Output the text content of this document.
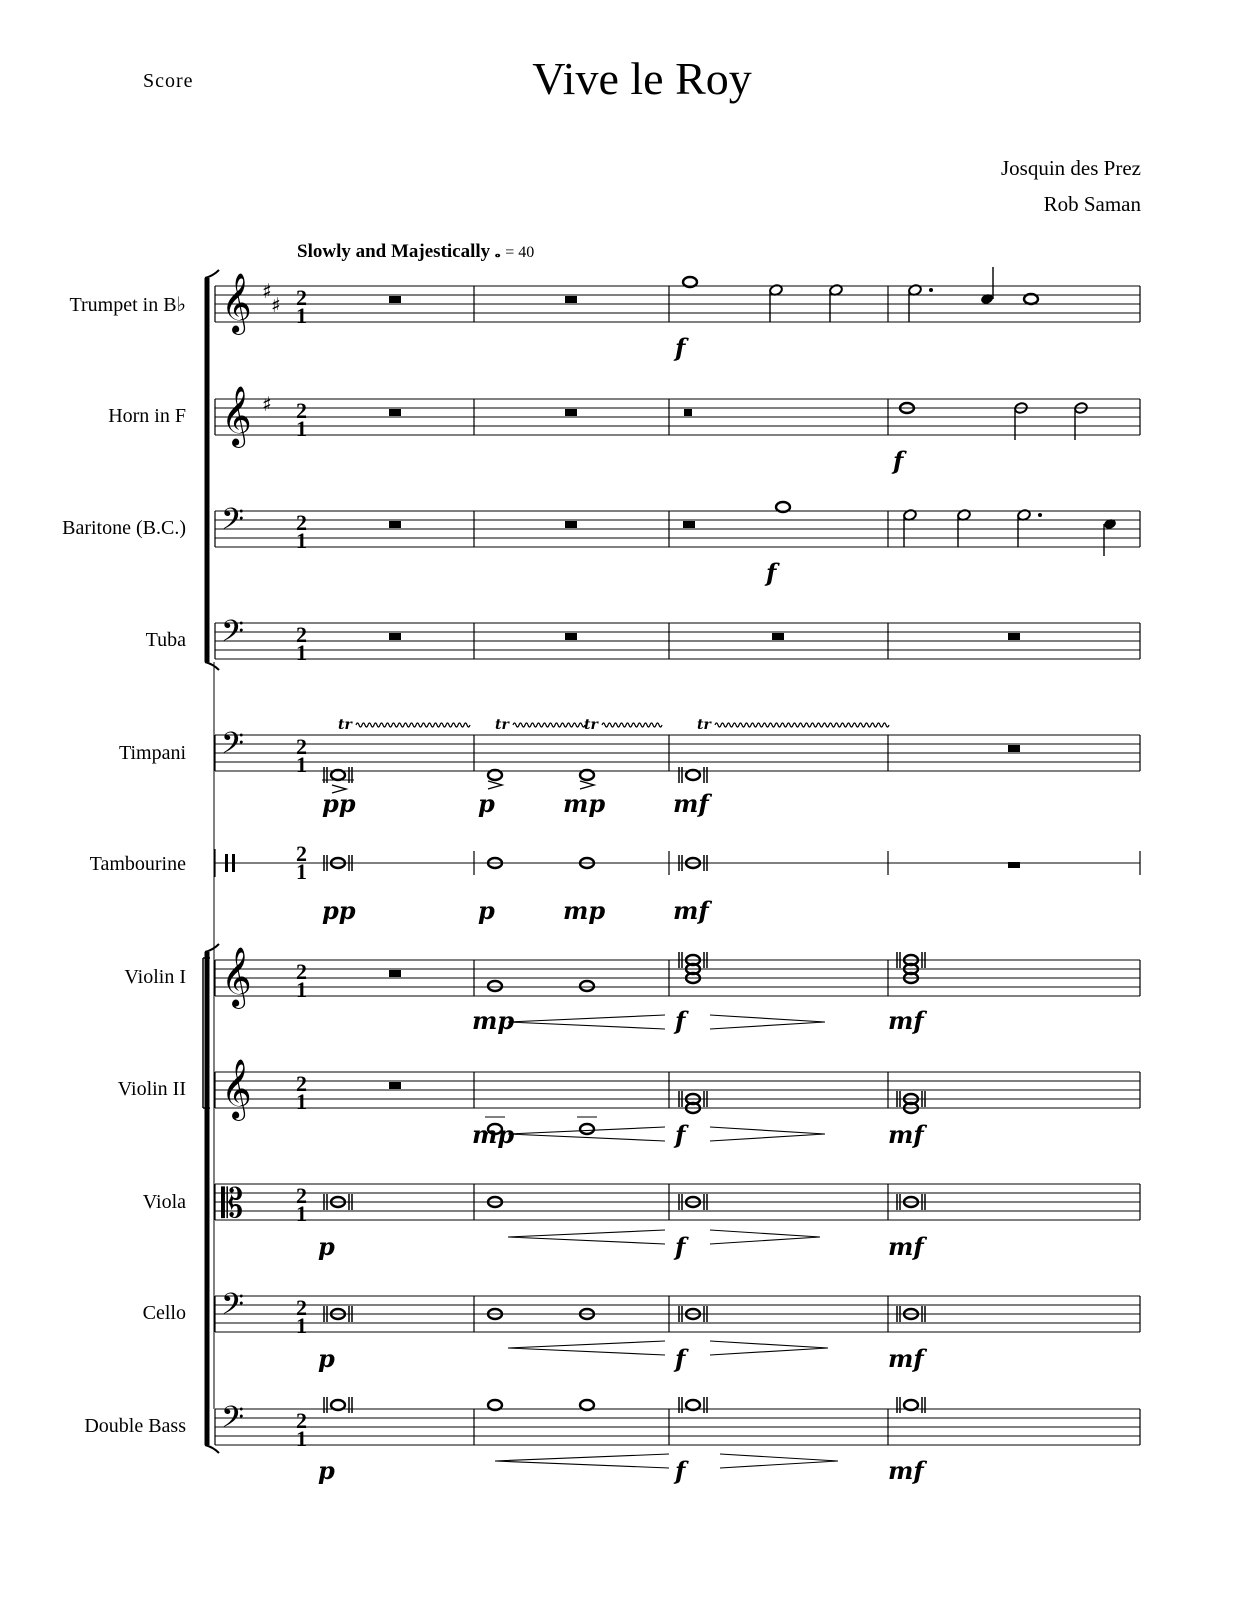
𝄞 ♯
♯ 2
1
𝄞 ♯ 2
1
𝄢 2
1
𝄢 2
1
𝄢 2
1
𝄞 2
1
𝄞 2
1
𝄡 2
1
𝄢 2
1
𝄢 2
1
2
1
tr	tr	tr	tr
Score	Vive le Roy
Josquin des Prez
Rob Saman
Slowly and Majestically 𝅝 = 40
Trumpet in B♭
Horn in F
Baritone (B.C.)
Tuba
Timpani
Tambourine
Violin I
Violin II
Viola
Cello
Double Bass
f
f
f
pp	p	mp	mf
pp	p	mp	mf
mp	f	mf
mp	f	mf
p	f	mf
p	f	mf
p	f	mf
